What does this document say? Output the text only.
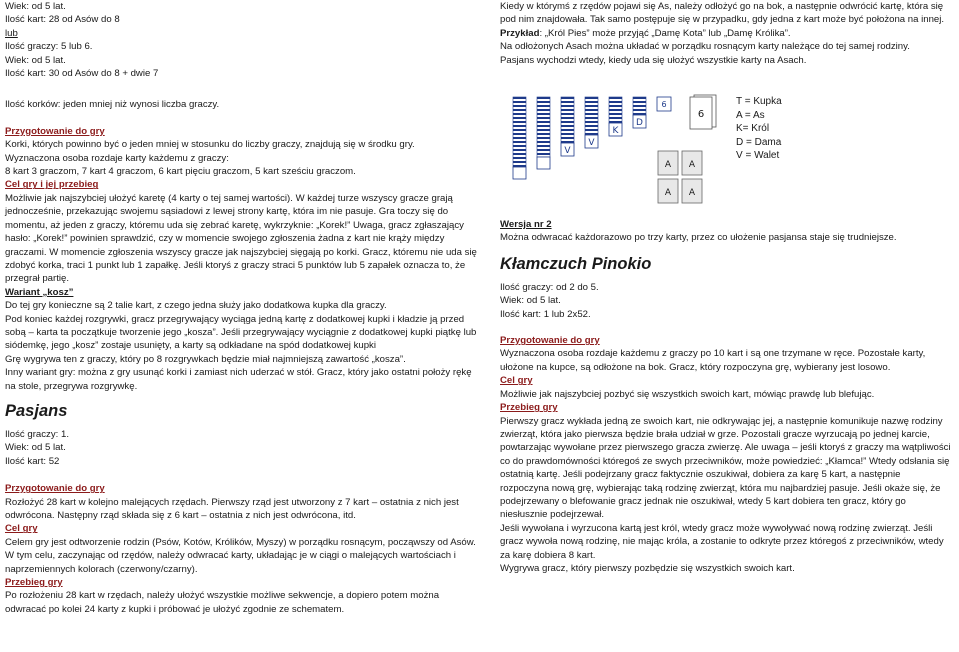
Wiek: od 5 lat.

Ilość kart: 28 od Asów do 8

lub

Ilość graczy: 5 lub 6.

Wiek: od 5 lat.

Ilość kart: 30 od Asów do 8 + dwie 7

Ilość korków: jeden mniej niż wynosi liczba graczy.

Przygotowanie do gry

Korki, których powinno być o jeden mniej w stosunku do liczby graczy, znajdują się w środku gry.

Wyznaczona osoba rozdaje karty każdemu z graczy:

8 kart 3 graczom, 7 kart 4 graczom, 6 kart pięciu graczom, 5 kart sześciu graczom.

Cel gry i jej przebieg

Możliwie jak najszybciej ułożyć karetę (4 karty o tej samej wartości). W każdej turze wszyscy gracze grają jednocześnie, przekazując swojemu sąsiadowi z lewej strony kartę, która im nie pasuje. Gra toczy się do momentu, aż jeden z graczy, któremu uda się zebrać karetę, wykrzyknie: „Korek!” Uwaga, gracz zgłaszający hasło: „Korek!” powinien sprawdzić, czy w momencie swojego zgłoszenia żadna z kart nie krąży między graczami. W momencie zgłoszenia wszyscy gracze jak najszybciej sięgają po korki. Gracz, któremu nie uda się zdobyć korka, traci 1 punkt lub 1 zapałkę. Jeśli ktoryś z graczy straci 5 punktów lub 5 zapałek oznacza to, że przegrał partię.

Wariant „kosz”

Do tej gry konieczne są 2 talie kart, z czego jedna służy jako dodatkowa kupka dla graczy.

Pod koniec każdej rozgrywki, gracz przegrywający wyciąga jedną kartę z dodatkowej kupki i kładzie ją przed sobą – karta ta początkuje tworzenie jego „kosza”. Jeśli przegrywający wyciągnie z dodatkowej kupki piątkę lub siódemkę, jego „kosz” zostaje usunięty, a karty są odkładane na spód dodatkowej kupki

Grę wygrywa ten z graczy, który po 8 rozgrywkach będzie miał najmniejszą zawartość „kosza”.

Inny wariant gry: można z gry usunąć korki i zamiast nich uderzać w stół. Gracz, który jako ostatni położy rękę na stole, przegrywa rozgrywkę.

Pasjans

Ilość graczy: 1.

Wiek: od 5 lat.

Ilość kart: 52

Przygotowanie do gry

Rozłożyć 28 kart w kolejno malejących rzędach. Pierwszy rząd jest utworzony z 7 kart – ostatnia z nich jest odwrócona. Następny rząd składa się z 6 kart – ostatnia z nich jest odwrócona, itd.

Cel gry

Celem gry jest odtworzenie rodzin (Psów, Kotów, Królików, Myszy) w porządku rosnącym, począwszy od Asów. W tym celu, zaczynając od rzędów, należy odwracać karty, układając je w ciągi o malejących wartościach i naprzemiennych kolorach (czerwony/czarny).

Przebieg gry

Po rozłożeniu 28 kart w rzędach, należy ułożyć wszystkie możliwe sekwencje, a dopiero potem można odwracać po kolei 24 karty z kupki i próbować je ułożyć zgodnie ze schematem.

Kiedy w którymś z rzędów pojawi się As, należy odłożyć go na bok, a następnie odwrócić kartę, która się pod nim znajdowała. Tak samo postępuje się w przypadku, gdy jedna z kart może być położona na innej.

Przykład: „Król Pies” może przyjąć „Damę Kota” lub „Damę Królika”.

Na odłożonych Asach można układać w porządku rosnącym karty należące do tej samej rodziny.

Pasjans wychodzi wtedy, kiedy uda się ułożyć wszystkie karty na Asach.

V
V
K
D
6
6
A A
A A

T = Kupka

A = As

K= Król

D = Dama

V = Walet

Wersja nr 2

Można odwracać każdorazowo po trzy karty, przez co ułożenie pasjansa staje się trudniejsze.

Kłamczuch Pinokio

Ilość graczy: od 2 do 5.

Wiek: od 5 lat.

Ilość kart: 1 lub 2x52.

Przygotowanie do gry

Wyznaczona osoba rozdaje każdemu z graczy po 10 kart i są one trzymane w ręce. Pozostałe karty, ułożone na kupce, są odłożone na bok. Gracz, który rozpoczyna grę, wybierany jest losowo.

Cel gry

Możliwie jak najszybciej pozbyć się wszystkich swoich kart, mówiąc prawdę lub blefując.

Przebieg gry

Pierwszy gracz wykłada jedną ze swoich kart, nie odkrywając jej, a następnie komunikuje nazwę rodziny zwierząt, która jako pierwsza będzie brała udział w grze. Pozostali gracze wyrzucają po jednej karcie, powtarzając wywołane przez pierwszego gracza zwierzę. Ale uwaga – jeśli ktoryś z graczy ma wątpliwości co do prawdomówności któregoś ze swych przeciwników, może powiedzieć: „Kłamca!” Wtedy odsłania się ostatnią kartę. Jeśli podejrzany gracz faktycznie oszukiwał, dobiera za karę 5 kart, a następnie rozpoczyna nową grę, wybierając taką rodzinę zwierząt, która mu najbardziej pasuje. Jeśli okaże się, że podejrzewany o blefowanie gracz jednak nie oszukiwał, wtedy 5 kart dobiera ten gracz, który go niesłusznie podejrzewał.

Jeśli wywołana i wyrzucona kartą jest król, wtedy gracz może wywoływać nową rodzinę zwierząt. Jeśli gracz wywoła nową rodzinę, nie mając króla, a zostanie to odkryte przez któregoś z przeciwników, wtedy za karę dobiera 8 kart.

Wygrywa gracz, który pierwszy pozbędzie się wszystkich swoich kart.
